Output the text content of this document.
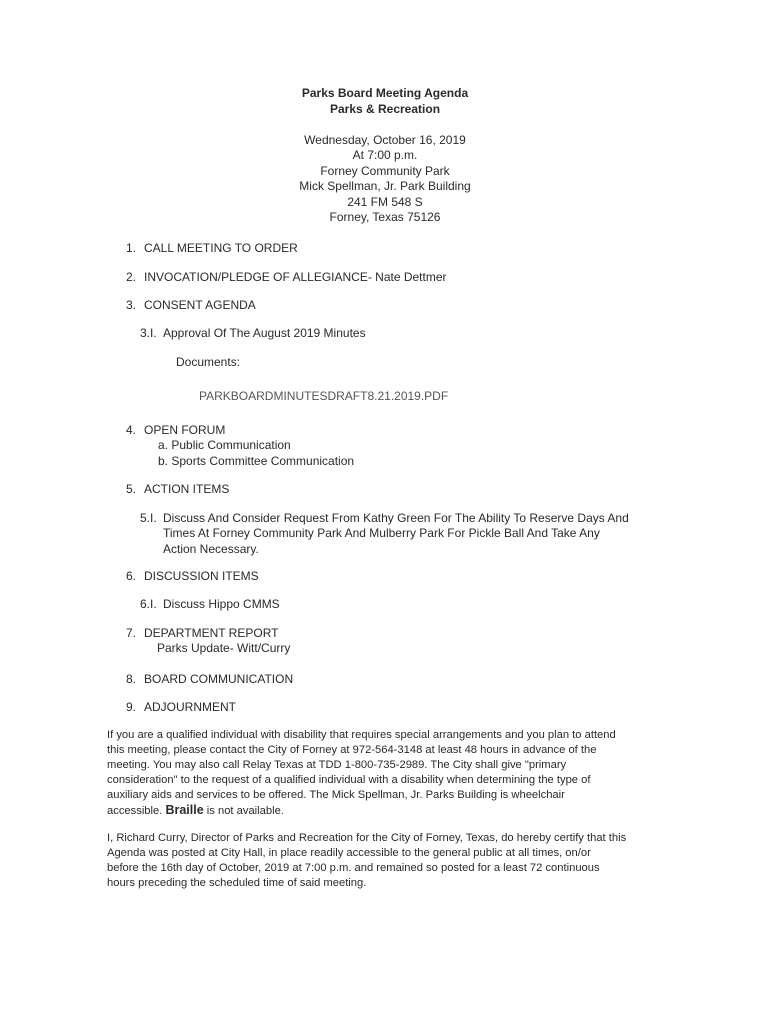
Parks Board Meeting Agenda
Parks & Recreation
Wednesday, October 16, 2019
At 7:00 p.m.
Forney Community Park
Mick Spellman, Jr. Park Building
241 FM 548 S
Forney, Texas 75126
1. CALL MEETING TO ORDER
2. INVOCATION/PLEDGE OF ALLEGIANCE- Nate Dettmer
3. CONSENT AGENDA
3.I. Approval Of The August 2019 Minutes
Documents:
PARKBOARDMINUTESDRAFT8.21.2019.PDF
4. OPEN FORUM
a. Public Communication
b. Sports Committee Communication
5. ACTION ITEMS
5.I. Discuss And Consider Request From Kathy Green For The Ability To Reserve Days And
Times At Forney Community Park And Mulberry Park For Pickle Ball And Take Any
Action Necessary.
6. DISCUSSION ITEMS
6.I. Discuss Hippo CMMS
7. DEPARTMENT REPORT
Parks Update- Witt/Curry
8. BOARD COMMUNICATION
9. ADJOURNMENT
If you are a qualified individual with disability that requires special arrangements and you plan to attend
this meeting, please contact the City of Forney at 972-564-3148 at least 48 hours in advance of the
meeting. You may also call Relay Texas at TDD 1-800-735-2989. The City shall give "primary
consideration" to the request of a qualified individual with a disability when determining the type of
auxiliary aids and services to be offered. The Mick Spellman, Jr. Parks Building is wheelchair
accessible. Braille is not available.
I, Richard Curry, Director of Parks and Recreation for the City of Forney, Texas, do hereby certify that this
Agenda was posted at City Hall, in place readily accessible to the general public at all times, on/or
before the 16th day of October, 2019 at 7:00 p.m. and remained so posted for a least 72 continuous
hours preceding the scheduled time of said meeting.
